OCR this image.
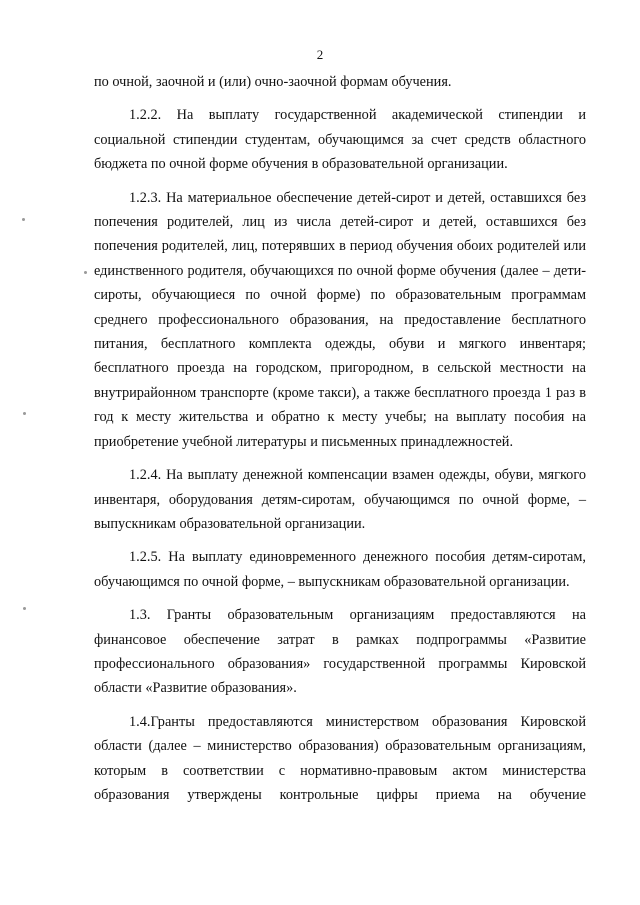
2

по очной, заочной и (или) очно-заочной формам обучения.

1.2.2. На выплату государственной академической стипендии и социальной стипендии студентам, обучающимся за счет средств областного бюджета по очной форме обучения в образовательной организации.

1.2.3. На материальное обеспечение детей-сирот и детей, оставшихся без попечения родителей, лиц из числа детей-сирот и детей, оставшихся без попечения родителей, лиц, потерявших в период обучения обоих родителей или единственного родителя, обучающихся по очной форме обучения (далее – дети-сироты, обучающиеся по очной форме) по образовательным программам среднего профессионального образования, на предоставление бесплатного питания, бесплатного комплекта одежды, обуви и мягкого инвентаря; бесплатного проезда на городском, пригородном, в сельской местности на внутрирайонном транспорте (кроме такси), а также бесплатного проезда 1 раз в год к месту жительства и обратно к месту учебы; на выплату пособия на приобретение учебной литературы и письменных принадлежностей.

1.2.4. На выплату денежной компенсации взамен одежды, обуви, мягкого инвентаря, оборудования детям-сиротам, обучающимся по очной форме, – выпускникам образовательной организации.

1.2.5. На выплату единовременного денежного пособия детям-сиротам, обучающимся по очной форме, – выпускникам образовательной организации.

1.3. Гранты образовательным организациям предоставляются на финансовое обеспечение затрат в рамках подпрограммы «Развитие профессионального образования» государственной программы Кировской области «Развитие образования».

1.4.Гранты предоставляются министерством образования Кировской области (далее – министерство образования) образовательным организациям, которым в соответствии с нормативно-правовым актом министерства образования утверждены контрольные цифры приема на обучение
